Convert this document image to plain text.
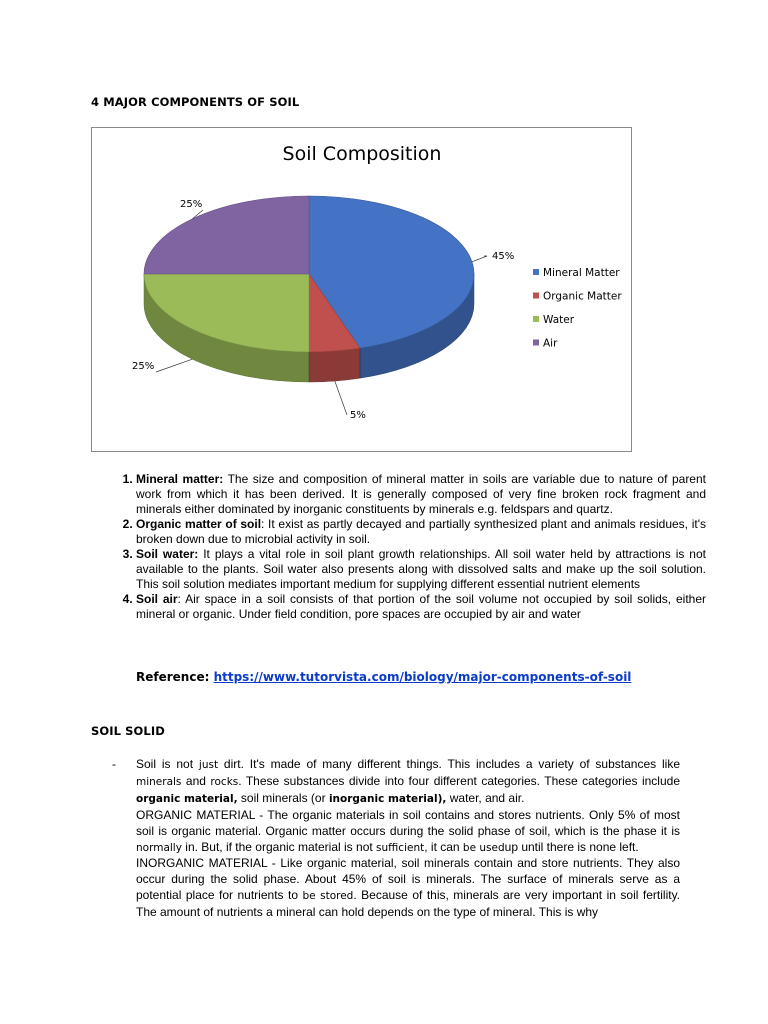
4 MAJOR COMPONENTS OF SOIL
Soil Composition
45%
5%
25%
25%
Mineral Matter
Organic Matter
Water
Air
1. Mineral matter: The size and composition of mineral matter in soils are variable due to nature of parent work from which it has been derived. It is generally composed of very fine broken rock fragment and minerals either dominated by inorganic constituents by minerals e.g. feldspars and quartz.
2. Organic matter of soil: It exist as partly decayed and partially synthesized plant and animals residues, it's broken down due to microbial activity in soil.
3. Soil water: It plays a vital role in soil plant growth relationships. All soil water held by attractions is not available to the plants. Soil water also presents along with dissolved salts and make up the soil solution. This soil solution mediates important medium for supplying different essential nutrient elements
4. Soil air: Air space in a soil consists of that portion of the soil volume not occupied by soil solids, either mineral or organic. Under field condition, pore spaces are occupied by air and water
Reference: https://www.tutorvista.com/biology/major-components-of-soil
SOIL SOLID
- Soil is not just dirt. It's made of many different things. This includes a variety of substances like minerals and rocks. These substances divide into four different categories. These categories include organic material, soil minerals (or inorganic material), water, and air.

ORGANIC MATERIAL - The organic materials in soil contains and stores nutrients. Only 5% of most soil is organic material. Organic matter occurs during the solid phase of soil, which is the phase it is normally in. But, if the organic material is not sufficient, it can be usedup until there is none left.

INORGANIC MATERIAL - Like organic material, soil minerals contain and store nutrients. They also occur during the solid phase. About 45% of soil is minerals. The surface of minerals serve as a potential place for nutrients to be stored. Because of this, minerals are very important in soil fertility. The amount of nutrients a mineral can hold depends on the type of mineral. This is why
